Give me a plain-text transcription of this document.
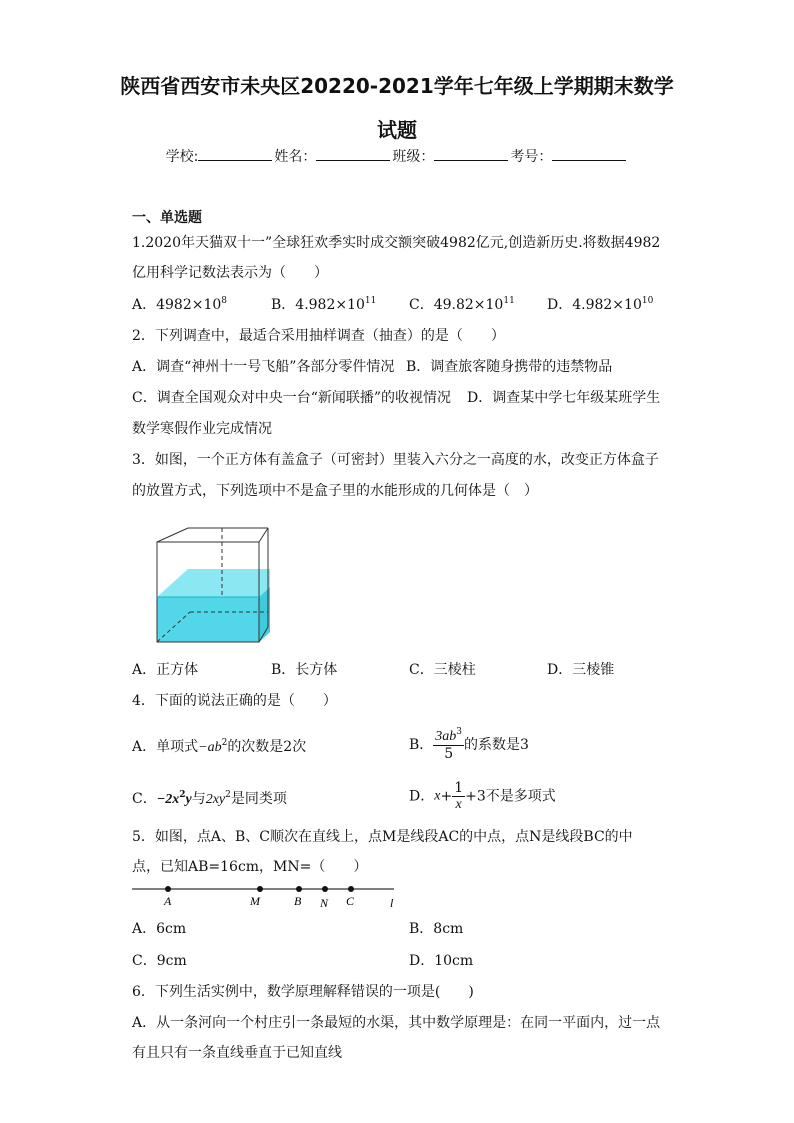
陕西省西安市未央区20220-2021学年七年级上学期期末数学
试题
学校:	姓名：	班级：	考号：
一、单选题
1.2020年天猫双十一”全球狂欢季实时成交额突破4982亿元,创造新历史.将数据4982
亿用科学记数法表示为（　　）
A．$4982\times 10^8$	B．$4.982\times 10^{11}$ C．$49.82\times 10^{11}$ D．$4.982\times 10^{10}$
2．下列调查中，最适合采用抽样调查（抽查）的是（　　）
A．调查“神州十一号飞船”各部分零件情况 B．调查旅客随身携带的违禁物品
C．调查全国观众对中央一台“新闻联播”的收视情况 D．调查某中学七年级某班学生
数学寒假作业完成情况
3．如图，一个正方体有盖盒子（可密封）里装入六分之一高度的水，改变正方体盒子
的放置方式，下列选项中不是盒子里的水能形成的几何体是（　）
A．正方体	B．长方体	C．三棱柱	D．三棱锥
4．下面的说法正确的是（　　）
A．单项式$-ab^2$的次数是2次	B． $\frac{3ab^3}{5}$ 的系数是3
C．$-2x^2y$与$2xy^2$是同类项	D．$x+ \frac{1}{x} +3$不是多项式
5．如图，点A、B、C顺次在直线上，点M是线段AC的中点，点N是线段BC的中
点，已知AB=16cm，MN=（　　）
A	M	B N C	l
A．6cm	B．8cm
C．9cm	D．10cm
6．下列生活实例中，数学原理解释错误的一项是(　　)
A．从一条河向一个村庄引一条最短的水渠，其中数学原理是：在同一平面内，过一点
有且只有一条直线垂直于已知直线
